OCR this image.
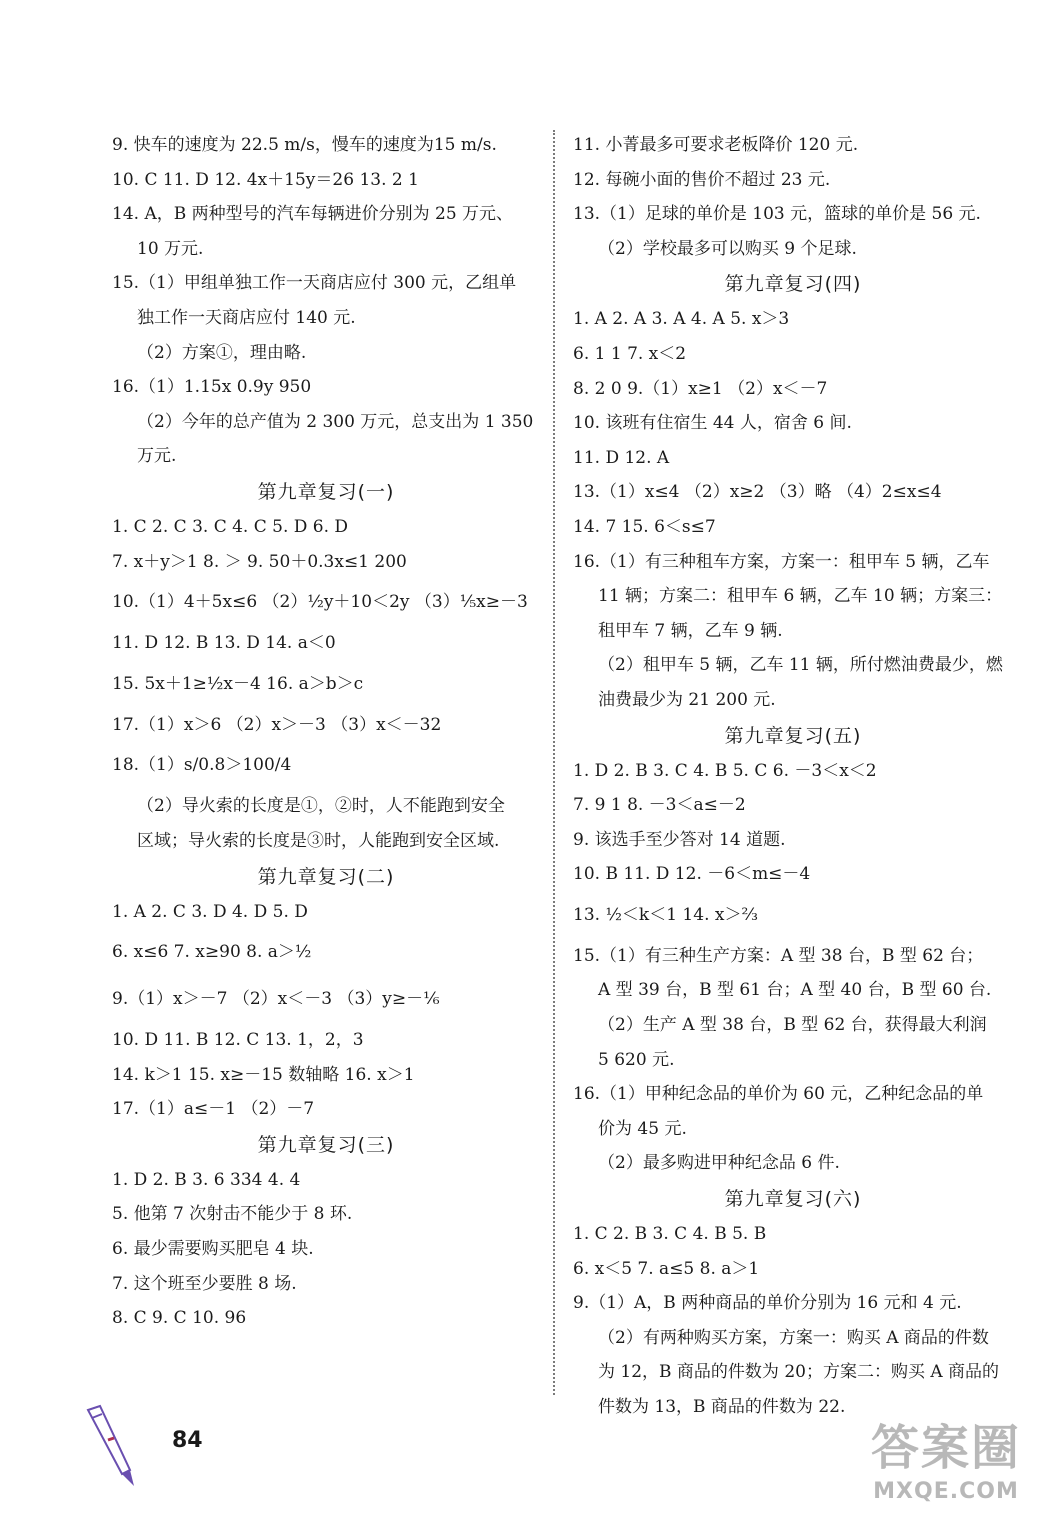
9. 快车的速度为 22.5 m/s，慢车的速度为15 m/s.
10. C 11. D 12. 4x＋15y＝26 13. 2 1
14. A，B 两种型号的汽车每辆进价分别为 25 万元、
10 万元.
15.（1）甲组单独工作一天商店应付 300 元，乙组单
独工作一天商店应付 140 元.
（2）方案①，理由略.
16.（1）1.15x 0.9y 950
（2）今年的总产值为 2 300 万元，总支出为 1 350
万元.
第九章复习(一)
1. C 2. C 3. C 4. C 5. D 6. D
7. x＋y＞1 8. ＞ 9. 50＋0.3x≤1 200
10.（1）4＋5x≤6 （2）½y＋10＜2y （3）⅕x≥－3
11. D 12. B 13. D 14. a＜0
15. 5x＋1≥½x－4 16. a＞b＞c
17.（1）x＞6 （2）x＞－3 （3）x＜－32
18.（1）s/0.8＞100/4
（2）导火索的长度是①，②时，人不能跑到安全
区域；导火索的长度是③时，人能跑到安全区域.
第九章复习(二)
1. A 2. C 3. D 4. D 5. D
6. x≤6 7. x≥90 8. a＞½
9.（1）x＞－7 （2）x＜－3 （3）y≥－⅙
10. D 11. B 12. C 13. 1，2，3
14. k＞1 15. x≥－15 数轴略 16. x＞1
17.（1）a≤－1 （2）－7
第九章复习(三)
1. D 2. B 3. 6 334 4. 4
5. 他第 7 次射击不能少于 8 环.
6. 最少需要购买肥皂 4 块.
7. 这个班至少要胜 8 场.
8. C 9. C 10. 96
11. 小菁最多可要求老板降价 120 元.
12. 每碗小面的售价不超过 23 元.
13.（1）足球的单价是 103 元，篮球的单价是 56 元.
（2）学校最多可以购买 9 个足球.
第九章复习(四)
1. A 2. A 3. A 4. A 5. x＞3
6. 1 1 7. x＜2
8. 2 0 9.（1）x≥1 （2）x＜－7
10. 该班有住宿生 44 人，宿舍 6 间.
11. D 12. A
13.（1）x≤4 （2）x≥2 （3）略 （4）2≤x≤4
14. 7 15. 6＜s≤7
16.（1）有三种租车方案，方案一：租甲车 5 辆，乙车
11 辆；方案二：租甲车 6 辆，乙车 10 辆；方案三：
租甲车 7 辆，乙车 9 辆.
（2）租甲车 5 辆，乙车 11 辆，所付燃油费最少，燃
油费最少为 21 200 元.
第九章复习(五)
1. D 2. B 3. C 4. B 5. C 6. －3＜x＜2
7. 9 1 8. －3＜a≤－2
9. 该选手至少答对 14 道题.
10. B 11. D 12. －6＜m≤－4
13. ½＜k＜1 14. x＞⅔
15.（1）有三种生产方案：A 型 38 台，B 型 62 台；
A 型 39 台，B 型 61 台；A 型 40 台，B 型 60 台.
（2）生产 A 型 38 台，B 型 62 台，获得最大利润
5 620 元.
16.（1）甲种纪念品的单价为 60 元，乙种纪念品的单
价为 45 元.
（2）最多购进甲种纪念品 6 件.
第九章复习(六)
1. C 2. B 3. C 4. B 5. B
6. x＜5 7. a≤5 8. a＞1
9.（1）A，B 两种商品的单价分别为 16 元和 4 元.
（2）有两种购买方案，方案一：购买 A 商品的件数
为 12，B 商品的件数为 20；方案二：购买 A 商品的
件数为 13，B 商品的件数为 22.
84	答案圈
MXQE.COM
